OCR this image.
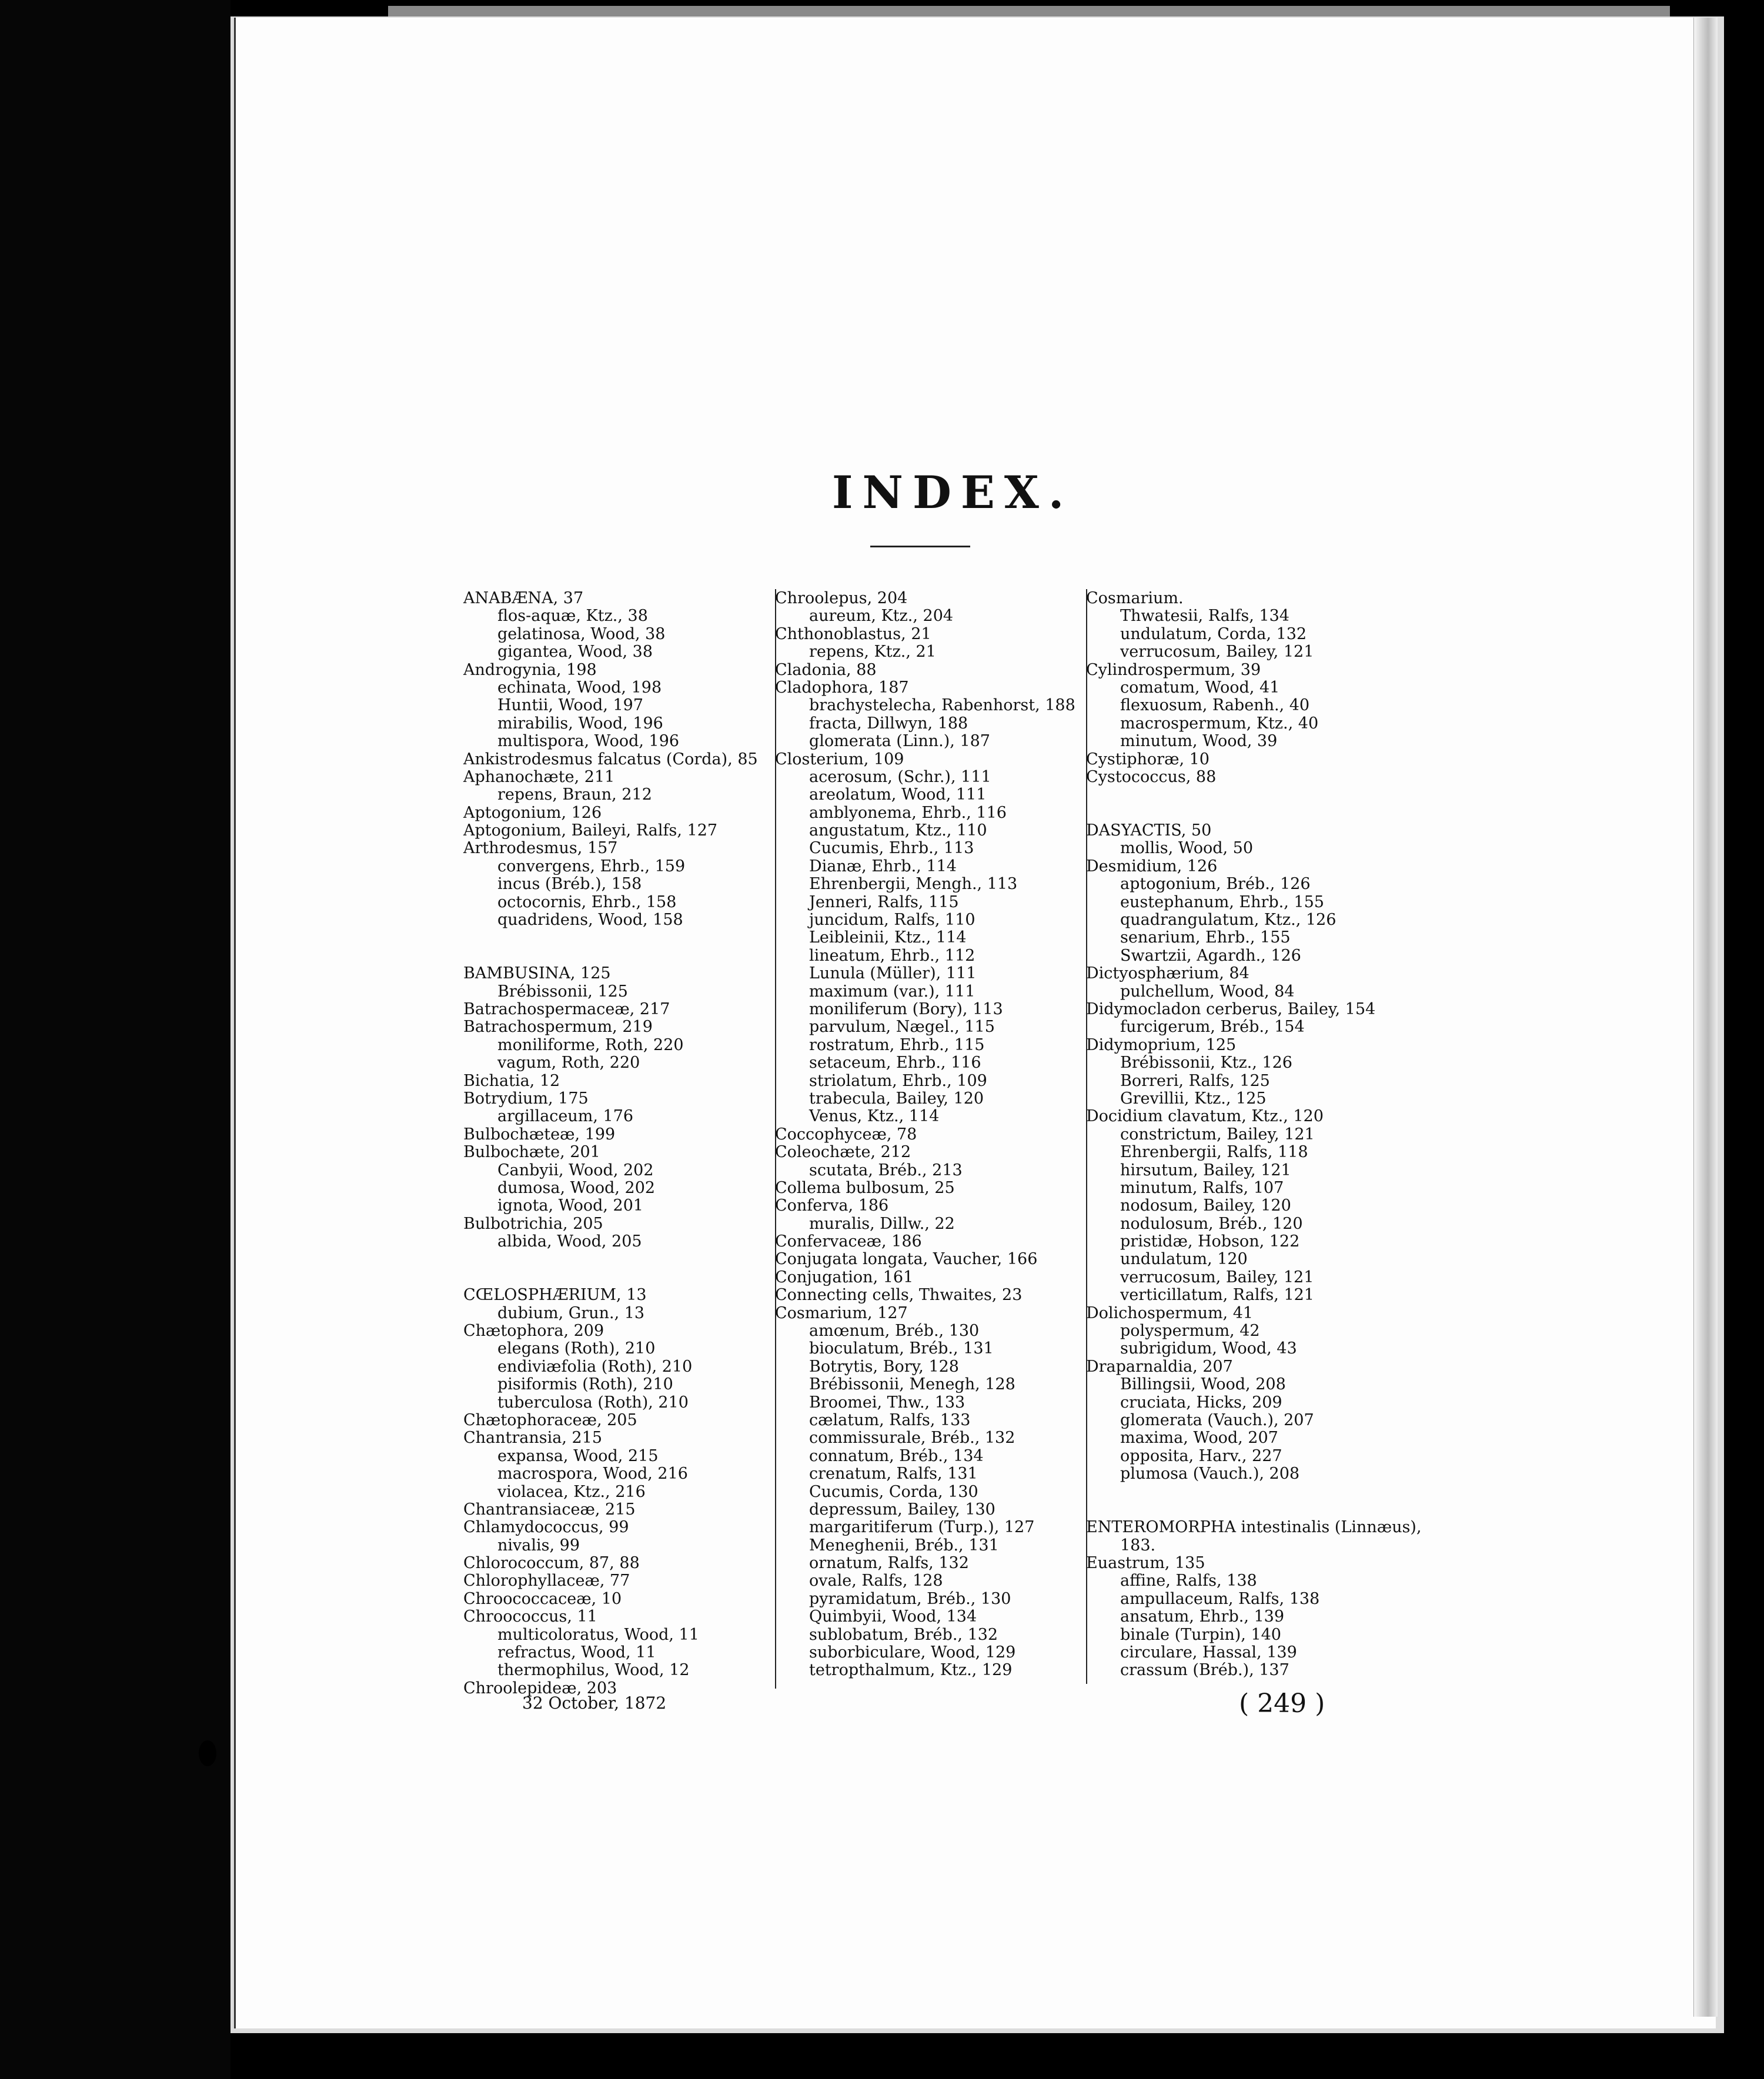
INDEX.
ANABÆNA, 37
flos-aquæ, Ktz., 38
gelatinosa, Wood, 38
gigantea, Wood, 38
Androgynia, 198
echinata, Wood, 198
Huntii, Wood, 197
mirabilis, Wood, 196
multispora, Wood, 196
Ankistrodesmus falcatus (Corda), 85
Aphanochæte, 211
repens, Braun, 212
Aptogonium, 126
Aptogonium, Baileyi, Ralfs, 127
Arthrodesmus, 157
convergens, Ehrb., 159
incus (Bréb.), 158
octocornis, Ehrb., 158
quadridens, Wood, 158
BAMBUSINA, 125
Brébissonii, 125
Batrachospermaceæ, 217
Batrachospermum, 219
moniliforme, Roth, 220
vagum, Roth, 220
Bichatia, 12
Botrydium, 175
argillaceum, 176
Bulbochæteæ, 199
Bulbochæte, 201
Canbyii, Wood, 202
dumosa, Wood, 202
ignota, Wood, 201
Bulbotrichia, 205
albida, Wood, 205
CŒLOSPHÆRIUM, 13
dubium, Grun., 13
Chætophora, 209
elegans (Roth), 210
endiviæfolia (Roth), 210
pisiformis (Roth), 210
tuberculosa (Roth), 210
Chætophoraceæ, 205
Chantransia, 215
expansa, Wood, 215
macrospora, Wood, 216
violacea, Ktz., 216
Chantransiaceæ, 215
Chlamydococcus, 99
nivalis, 99
Chlorococcum, 87, 88
Chlorophyllaceæ, 77
Chroococcaceæ, 10
Chroococcus, 11
multicoloratus, Wood, 11
refractus, Wood, 11
thermophilus, Wood, 12
Chroolepideæ, 203
Chroolepus, 204
aureum, Ktz., 204
Chthonoblastus, 21
repens, Ktz., 21
Cladonia, 88
Cladophora, 187
brachystelecha, Rabenhorst, 188
fracta, Dillwyn, 188
glomerata (Linn.), 187
Closterium, 109
acerosum, (Schr.), 111
areolatum, Wood, 111
amblyonema, Ehrb., 116
angustatum, Ktz., 110
Cucumis, Ehrb., 113
Dianæ, Ehrb., 114
Ehrenbergii, Mengh., 113
Jenneri, Ralfs, 115
juncidum, Ralfs, 110
Leibleinii, Ktz., 114
lineatum, Ehrb., 112
Lunula (Müller), 111
maximum (var.), 111
moniliferum (Bory), 113
parvulum, Nægel., 115
rostratum, Ehrb., 115
setaceum, Ehrb., 116
striolatum, Ehrb., 109
trabecula, Bailey, 120
Venus, Ktz., 114
Coccophyceæ, 78
Coleochæte, 212
scutata, Bréb., 213
Collema bulbosum, 25
Conferva, 186
muralis, Dillw., 22
Confervaceæ, 186
Conjugata longata, Vaucher, 166
Conjugation, 161
Connecting cells, Thwaites, 23
Cosmarium, 127
amœnum, Bréb., 130
bioculatum, Bréb., 131
Botrytis, Bory, 128
Brébissonii, Menegh, 128
Broomei, Thw., 133
cælatum, Ralfs, 133
commissurale, Bréb., 132
connatum, Bréb., 134
crenatum, Ralfs, 131
Cucumis, Corda, 130
depressum, Bailey, 130
margaritiferum (Turp.), 127
Meneghenii, Bréb., 131
ornatum, Ralfs, 132
ovale, Ralfs, 128
pyramidatum, Bréb., 130
Quimbyii, Wood, 134
sublobatum, Bréb., 132
suborbiculare, Wood, 129
tetropthalmum, Ktz., 129
Cosmarium.
Thwatesii, Ralfs, 134
undulatum, Corda, 132
verrucosum, Bailey, 121
Cylindrospermum, 39
comatum, Wood, 41
flexuosum, Rabenh., 40
macrospermum, Ktz., 40
minutum, Wood, 39
Cystiphoræ, 10
Cystococcus, 88
DASYACTIS, 50
mollis, Wood, 50
Desmidium, 126
aptogonium, Bréb., 126
eustephanum, Ehrb., 155
quadrangulatum, Ktz., 126
senarium, Ehrb., 155
Swartzii, Agardh., 126
Dictyosphærium, 84
pulchellum, Wood, 84
Didymocladon cerberus, Bailey, 154
furcigerum, Bréb., 154
Didymoprium, 125
Brébissonii, Ktz., 126
Borreri, Ralfs, 125
Grevillii, Ktz., 125
Docidium clavatum, Ktz., 120
constrictum, Bailey, 121
Ehrenbergii, Ralfs, 118
hirsutum, Bailey, 121
minutum, Ralfs, 107
nodosum, Bailey, 120
nodulosum, Bréb., 120
pristidæ, Hobson, 122
undulatum, 120
verrucosum, Bailey, 121
verticillatum, Ralfs, 121
Dolichospermum, 41
polyspermum, 42
subrigidum, Wood, 43
Draparnaldia, 207
Billingsii, Wood, 208
cruciata, Hicks, 209
glomerata (Vauch.), 207
maxima, Wood, 207
opposita, Harv., 227
plumosa (Vauch.), 208
ENTEROMORPHA intestinalis (Linnæus),
183.
Euastrum, 135
affine, Ralfs, 138
ampullaceum, Ralfs, 138
ansatum, Ehrb., 139
binale (Turpin), 140
circulare, Hassal, 139
crassum (Bréb.), 137
32 October, 1872	( 249 )
